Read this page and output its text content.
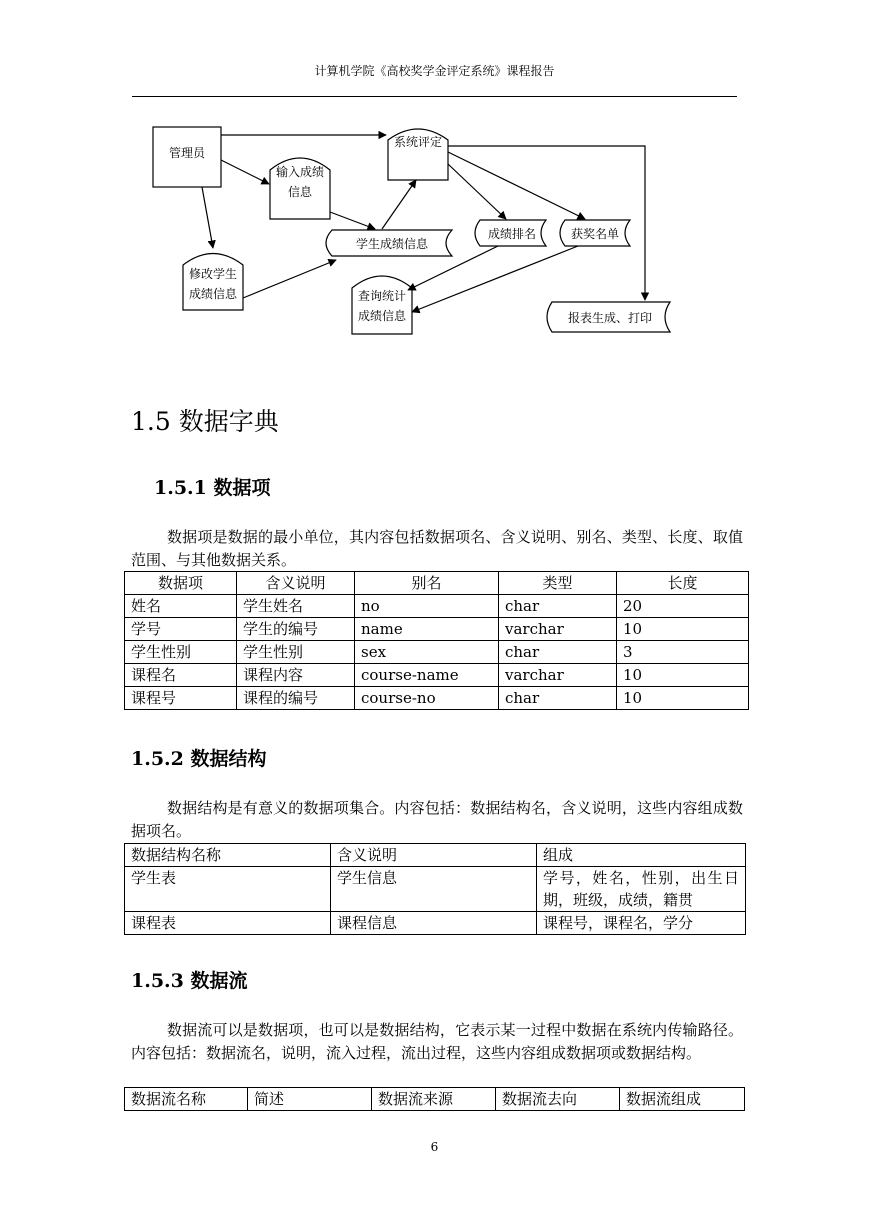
计算机学院《高校奖学金评定系统》课程报告
管理员
输入成绩
信息
系统评定
学生成绩信息
成绩排名	获奖名单
修改学生
成绩信息	查询统计
成绩信息	报表生成、打印
1.5 数据字典
1.5.1 数据项

数据项是数据的最小单位，其内容包括数据项名、含义说明、别名、类型、长度、取值范围、与其他数据关系。

数据项	含义说明	别名	类型	长度
姓名	学生姓名	no	char	20
学号	学生的编号	name	varchar	10
学生性别	学生性别	sex	char	3
课程名	课程内容	course-name	varchar	10
课程号	课程的编号	course-no	char	10
1.5.2 数据结构

数据结构是有意义的数据项集合。内容包括：数据结构名，含义说明，这些内容组成数据项名。

数据结构名称	含义说明	组成
学生表	学生信息	学号，姓名，性别，出生日期，班级，成绩，籍贯
课程表	课程信息	课程号，课程名，学分
1.5.3 数据流

数据流可以是数据项，也可以是数据结构，它表示某一过程中数据在系统内传输路径。内容包括：数据流名，说明，流入过程，流出过程，这些内容组成数据项或数据结构。

数据流名称	简述	数据流来源	数据流去向	数据流组成
6
